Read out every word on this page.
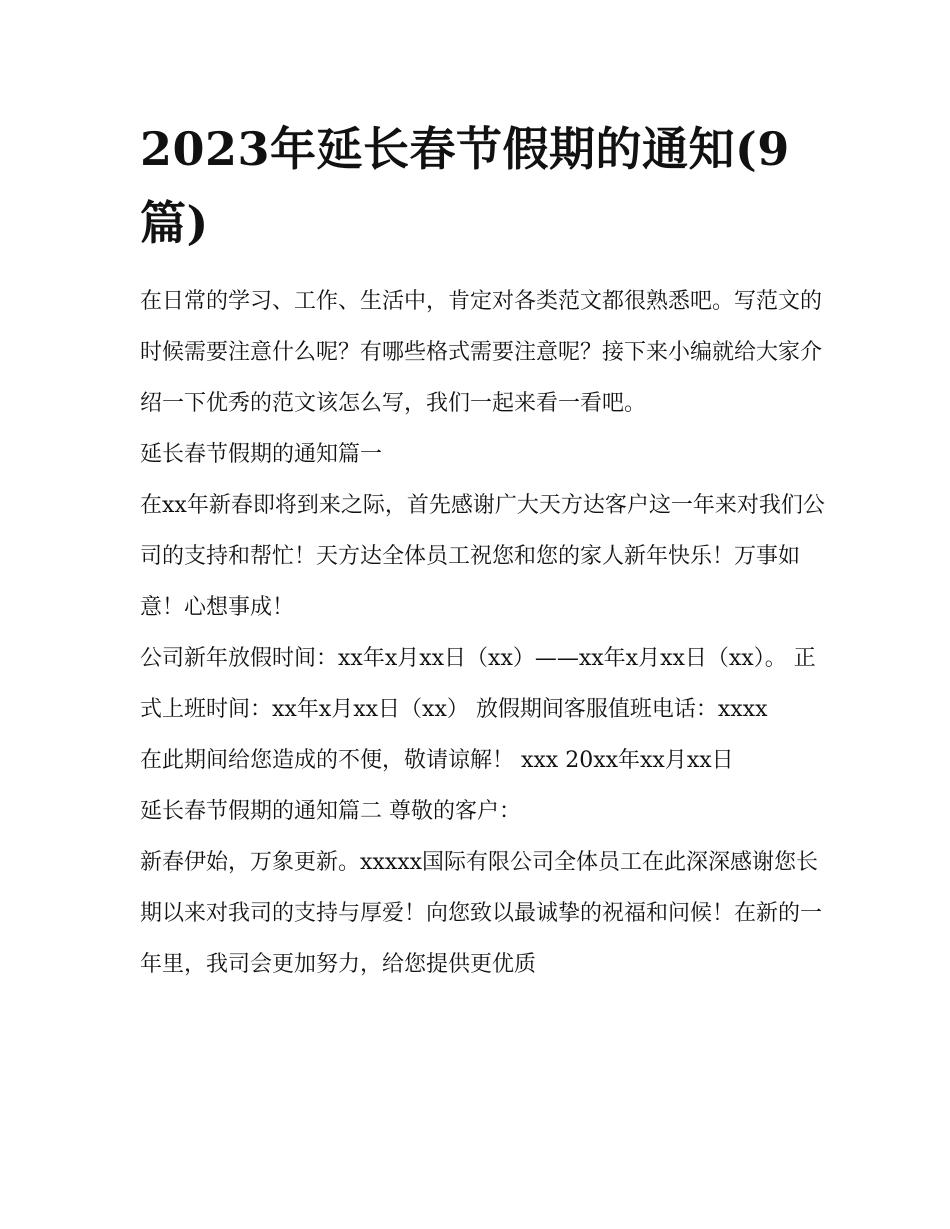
2023年延长春节假期的通知(9篇)

在日常的学习、工作、生活中，肯定对各类范文都很熟悉吧。写范文的时候需要注意什么呢？有哪些格式需要注意呢？接下来小编就给大家介绍一下优秀的范文该怎么写，我们一起来看一看吧。

延长春节假期的通知篇一

在xx年新春即将到来之际，首先感谢广大天方达客户这一年来对我们公司的支持和帮忙！天方达全体员工祝您和您的家人新年快乐！万事如意！心想事成！

公司新年放假时间：xx年x月xx日（xx）——xx年x月xx日（xx）。 正式上班时间：xx年x月xx日（xx） 放假期间客服值班电话：xxxx

在此期间给您造成的不便，敬请谅解！ xxx 20xx年xx月xx日

延长春节假期的通知篇二 尊敬的客户：

新春伊始，万象更新。xxxxx国际有限公司全体员工在此深深感谢您长期以来对我司的支持与厚爱！向您致以最诚挚的祝福和问候！在新的一年里，我司会更加努力，给您提供更优质
